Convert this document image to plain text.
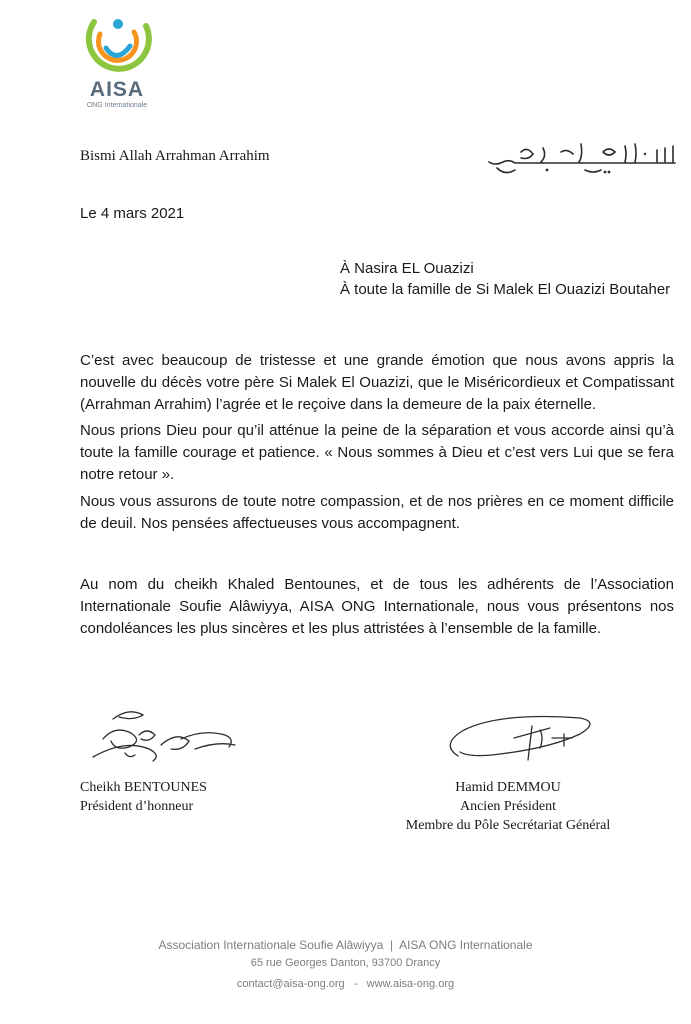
AISA
ONG Internationale
Bismi Allah Arrahman Arrahim
Le 4 mars 2021
À Nasira EL Ouazizi
À toute la famille de Si Malek El Ouazizi Boutaher

C’est avec beaucoup de tristesse et une grande émotion que nous avons appris la nouvelle du décès votre père Si Malek El Ouazizi, que le Miséricordieux et Compatissant (Arrahman Arrahim) l’agrée et le reçoive dans la demeure de la paix éternelle.

Nous prions Dieu pour qu’il atténue la peine de la séparation et vous accorde ainsi qu’à toute la famille courage et patience. « Nous sommes à Dieu et c’est vers Lui que se fera notre retour ».

Nous vous assurons de toute notre compassion, et de nos prières en ce moment difficile de deuil. Nos pensées affectueuses vous accompagnent.

Au nom du cheikh Khaled Bentounes, et de tous les adhérents de l’Association Internationale Soufie Alâwiyya, AISA ONG Internationale, nous vous présentons nos condoléances les plus sincères et les plus attristées à l’ensemble de la famille.

Cheikh BENTOUNES
Président d’honneur
Hamid DEMMOU
Ancien Président
Membre du Pôle Secrétariat Général
Association Internationale Soufie Alâwiyya  |  AISA ONG Internationale
65 rue Georges Danton, 93700 Drancy
contact@aisa-ong.org   -   www.aisa-ong.org
